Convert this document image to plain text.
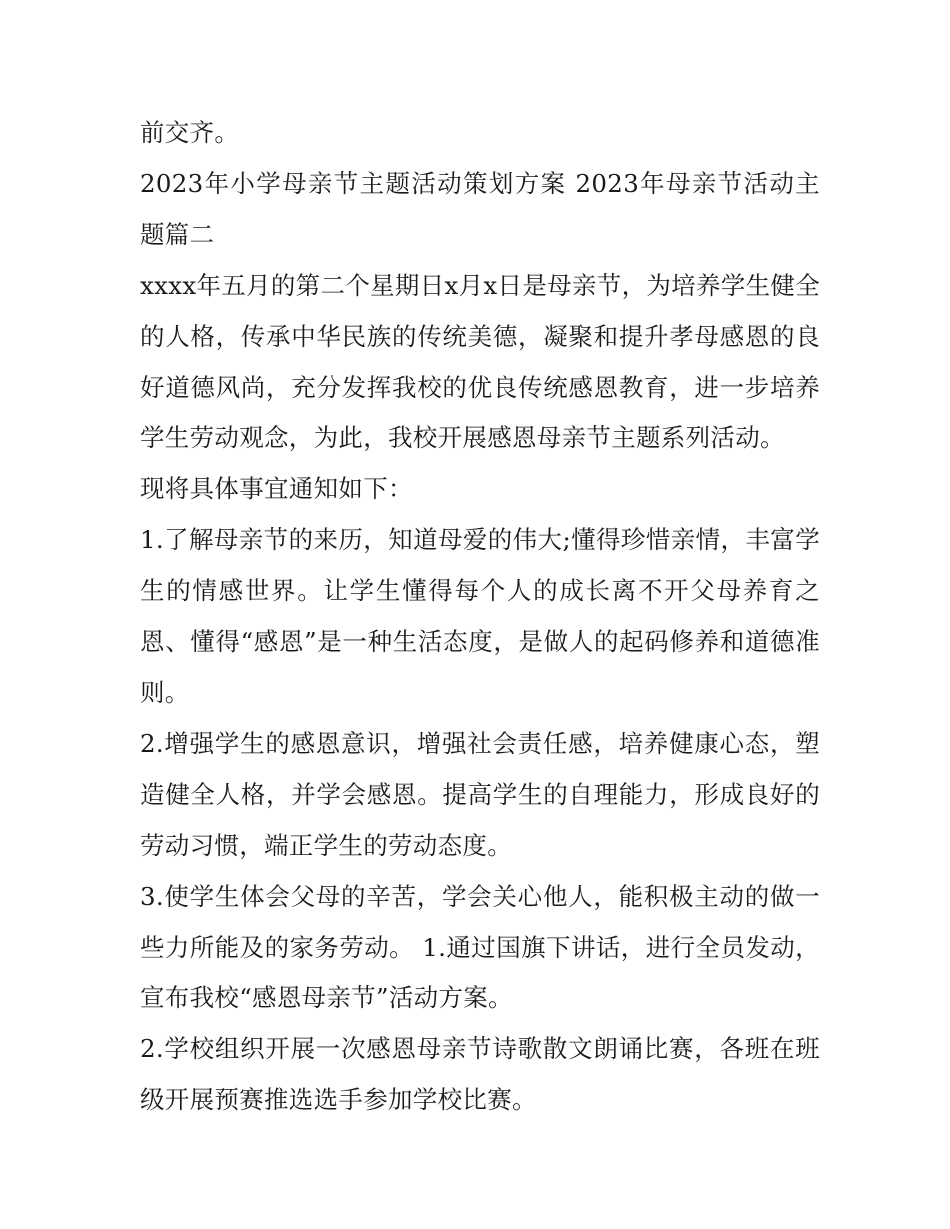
前交齐。

2023年小学母亲节主题活动策划方案 2023年母亲节活动主题篇二

xxxx年五月的第二个星期日x月x日是母亲节，为培养学生健全的人格，传承中华民族的传统美德，凝聚和提升孝母感恩的良好道德风尚，充分发挥我校的优良传统感恩教育，进一步培养学生劳动观念，为此，我校开展感恩母亲节主题系列活动。

现将具体事宜通知如下：

1.了解母亲节的来历，知道母爱的伟大;懂得珍惜亲情，丰富学生的情感世界。让学生懂得每个人的成长离不开父母养育之恩、懂得“感恩”是一种生活态度，是做人的起码修养和道德准则。

2.增强学生的感恩意识，增强社会责任感，培养健康心态，塑造健全人格，并学会感恩。提高学生的自理能力，形成良好的劳动习惯，端正学生的劳动态度。

3.使学生体会父母的辛苦，学会关心他人，能积极主动的做一些力所能及的家务劳动。 1.通过国旗下讲话，进行全员发动，宣布我校“感恩母亲节”活动方案。

2.学校组织开展一次感恩母亲节诗歌散文朗诵比赛，各班在班级开展预赛推选选手参加学校比赛。
